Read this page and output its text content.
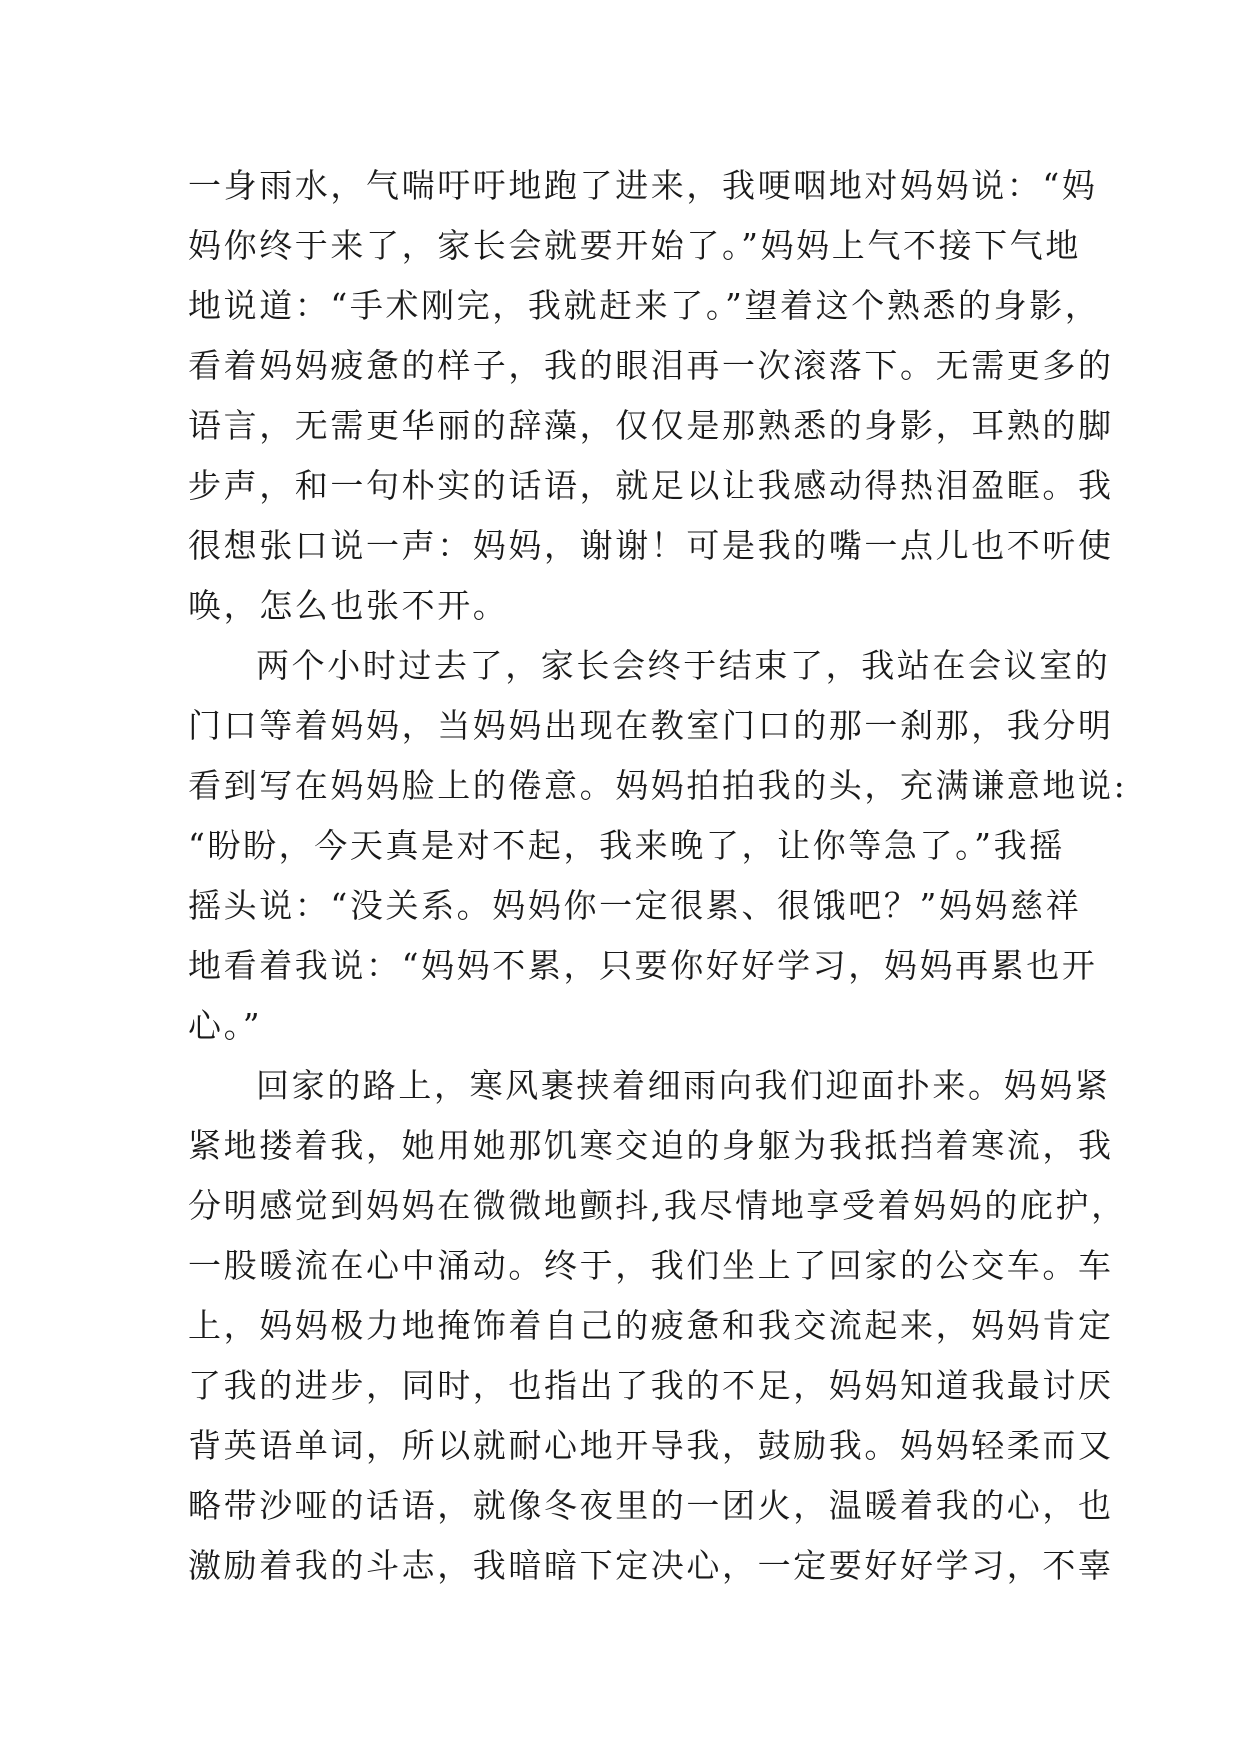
一身雨水，气喘吁吁地跑了进来，我哽咽地对妈妈说：“妈
妈你终于来了，家长会就要开始了。”妈妈上气不接下气地
地说道：“手术刚完，我就赶来了。”望着这个熟悉的身影，
看着妈妈疲惫的样子，我的眼泪再一次滚落下。无需更多的
语言，无需更华丽的辞藻，仅仅是那熟悉的身影，耳熟的脚
步声，和一句朴实的话语，就足以让我感动得热泪盈眶。我
很想张口说一声：妈妈，谢谢！可是我的嘴一点儿也不听使
唤，怎么也张不开。
两个小时过去了，家长会终于结束了，我站在会议室的
门口等着妈妈，当妈妈出现在教室门口的那一刹那，我分明
看到写在妈妈脸上的倦意。妈妈拍拍我的头，充满谦意地说:
“盼盼，今天真是对不起，我来晚了，让你等急了。”我摇
摇头说：“没关系。妈妈你一定很累、很饿吧？”妈妈慈祥
地看着我说：“妈妈不累，只要你好好学习，妈妈再累也开
心。”
回家的路上，寒风裹挟着细雨向我们迎面扑来。妈妈紧
紧地搂着我，她用她那饥寒交迫的身躯为我抵挡着寒流，我
分明感觉到妈妈在微微地颤抖,我尽情地享受着妈妈的庇护，
一股暖流在心中涌动。终于，我们坐上了回家的公交车。车
上，妈妈极力地掩饰着自己的疲惫和我交流起来，妈妈肯定
了我的进步，同时，也指出了我的不足，妈妈知道我最讨厌
背英语单词，所以就耐心地开导我，鼓励我。妈妈轻柔而又
略带沙哑的话语，就像冬夜里的一团火，温暖着我的心，也
激励着我的斗志，我暗暗下定决心，一定要好好学习，不辜
